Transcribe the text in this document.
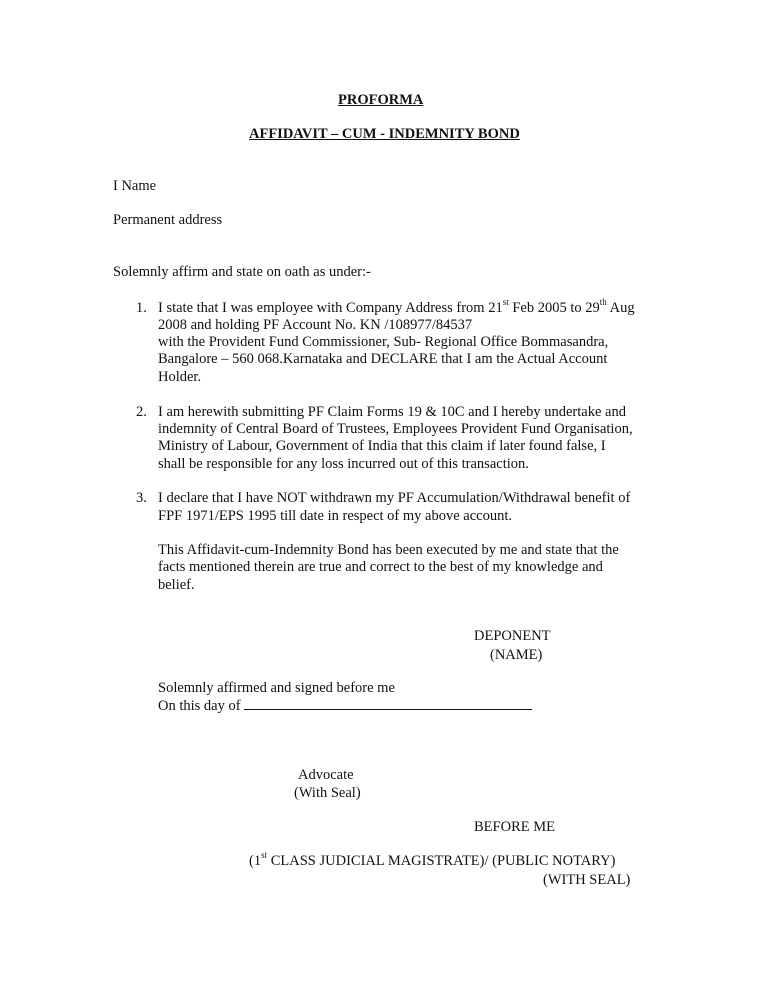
PROFORMA
AFFIDAVIT – CUM - INDEMNITY BOND
I Name
Permanent address
Solemnly affirm and state on oath as under:-
1. I state that I was employee with Company Address from 21st Feb 2005 to 29th Aug
2008 and holding PF Account No. KN /108977/84537
with the Provident Fund Commissioner, Sub- Regional Office Bommasandra,
Bangalore – 560 068.Karnataka and DECLARE that I am the Actual Account
Holder.
2. I am herewith submitting PF Claim Forms 19 & 10C and I hereby undertake and
indemnity of Central Board of Trustees, Employees Provident Fund Organisation,
Ministry of Labour, Government of India that this claim if later found false, I
shall be responsible for any loss incurred out of this transaction.
3. I declare that I have NOT withdrawn my PF Accumulation/Withdrawal benefit of
FPF 1971/EPS 1995 till date in respect of my above account.
This Affidavit-cum-Indemnity Bond has been executed by me and state that the
facts mentioned therein are true and correct to the best of my knowledge and
belief.
DEPONENT
(NAME)
Solemnly affirmed and signed before me
On this day of
Advocate
(With Seal)
BEFORE ME
(1st CLASS JUDICIAL MAGISTRATE)/ (PUBLIC NOTARY)
(WITH SEAL)
